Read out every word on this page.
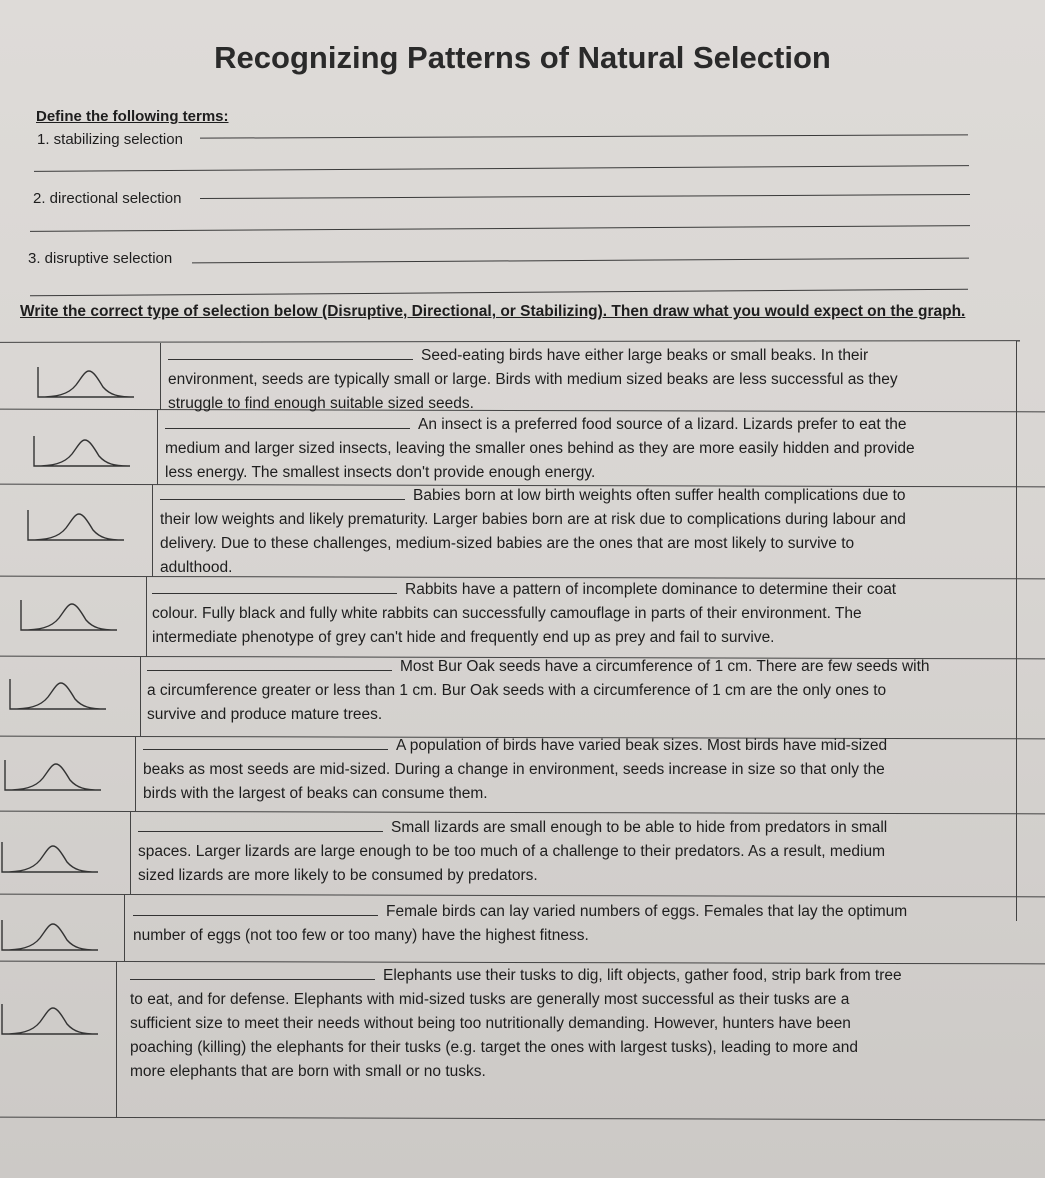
Recognizing Patterns of Natural Selection
Define the following terms:
1. stabilizing selection
2. directional selection
3. disruptive selection
Write the correct type of selection below (Disruptive, Directional, or Stabilizing). Then draw what you would expect on the graph.
Seed-eating birds have either large beaks or small beaks. In their
environment, seeds are typically small or large. Birds with medium sized beaks are less successful as they
struggle to find enough suitable sized seeds.
An insect is a preferred food source of a lizard. Lizards prefer to eat the
medium and larger sized insects, leaving the smaller ones behind as they are more easily hidden and provide
less energy. The smallest insects don't provide enough energy.
Babies born at low birth weights often suffer health complications due to
their low weights and likely prematurity. Larger babies born are at risk due to complications during labour and
delivery. Due to these challenges, medium-sized babies are the ones that are most likely to survive to
adulthood.
Rabbits have a pattern of incomplete dominance to determine their coat
colour. Fully black and fully white rabbits can successfully camouflage in parts of their environment. The
intermediate phenotype of grey can't hide and frequently end up as prey and fail to survive.
Most Bur Oak seeds have a circumference of 1 cm. There are few seeds with
a circumference greater or less than 1 cm. Bur Oak seeds with a circumference of 1 cm are the only ones to
survive and produce mature trees.
A population of birds have varied beak sizes. Most birds have mid-sized
beaks as most seeds are mid-sized. During a change in environment, seeds increase in size so that only the
birds with the largest of beaks can consume them.
Small lizards are small enough to be able to hide from predators in small
spaces. Larger lizards are large enough to be too much of a challenge to their predators. As a result, medium
sized lizards are more likely to be consumed by predators.
Female birds can lay varied numbers of eggs. Females that lay the optimum
number of eggs (not too few or too many) have the highest fitness.
Elephants use their tusks to dig, lift objects, gather food, strip bark from tree
to eat, and for defense. Elephants with mid-sized tusks are generally most successful as their tusks are a
sufficient size to meet their needs without being too nutritionally demanding. However, hunters have been
poaching (killing) the elephants for their tusks (e.g. target the ones with largest tusks), leading to more and
more elephants that are born with small or no tusks.
